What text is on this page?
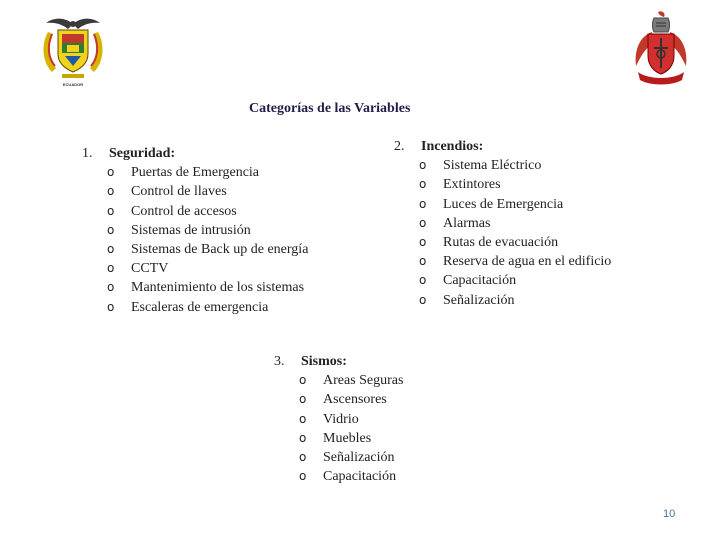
ECUADOR
Categorías de las Variables
1.	Seguridad:
o	Puertas de Emergencia
o	Control de llaves
o	Control de accesos
o	Sistemas de intrusión
o	Sistemas de Back up de energía
o	CCTV
o	Mantenimiento de los sistemas
o	Escaleras de emergencia
2.	Incendios:
o	Sistema Eléctrico
o	Extintores
o	Luces de Emergencia
o	Alarmas
o	Rutas de evacuación
o	Reserva de agua en el edificio
o	Capacitación
o	Señalización
3.	Sismos:
o	Areas Seguras
o	Ascensores
o	Vidrio
o	Muebles
o	Señalización
o	Capacitación
10
